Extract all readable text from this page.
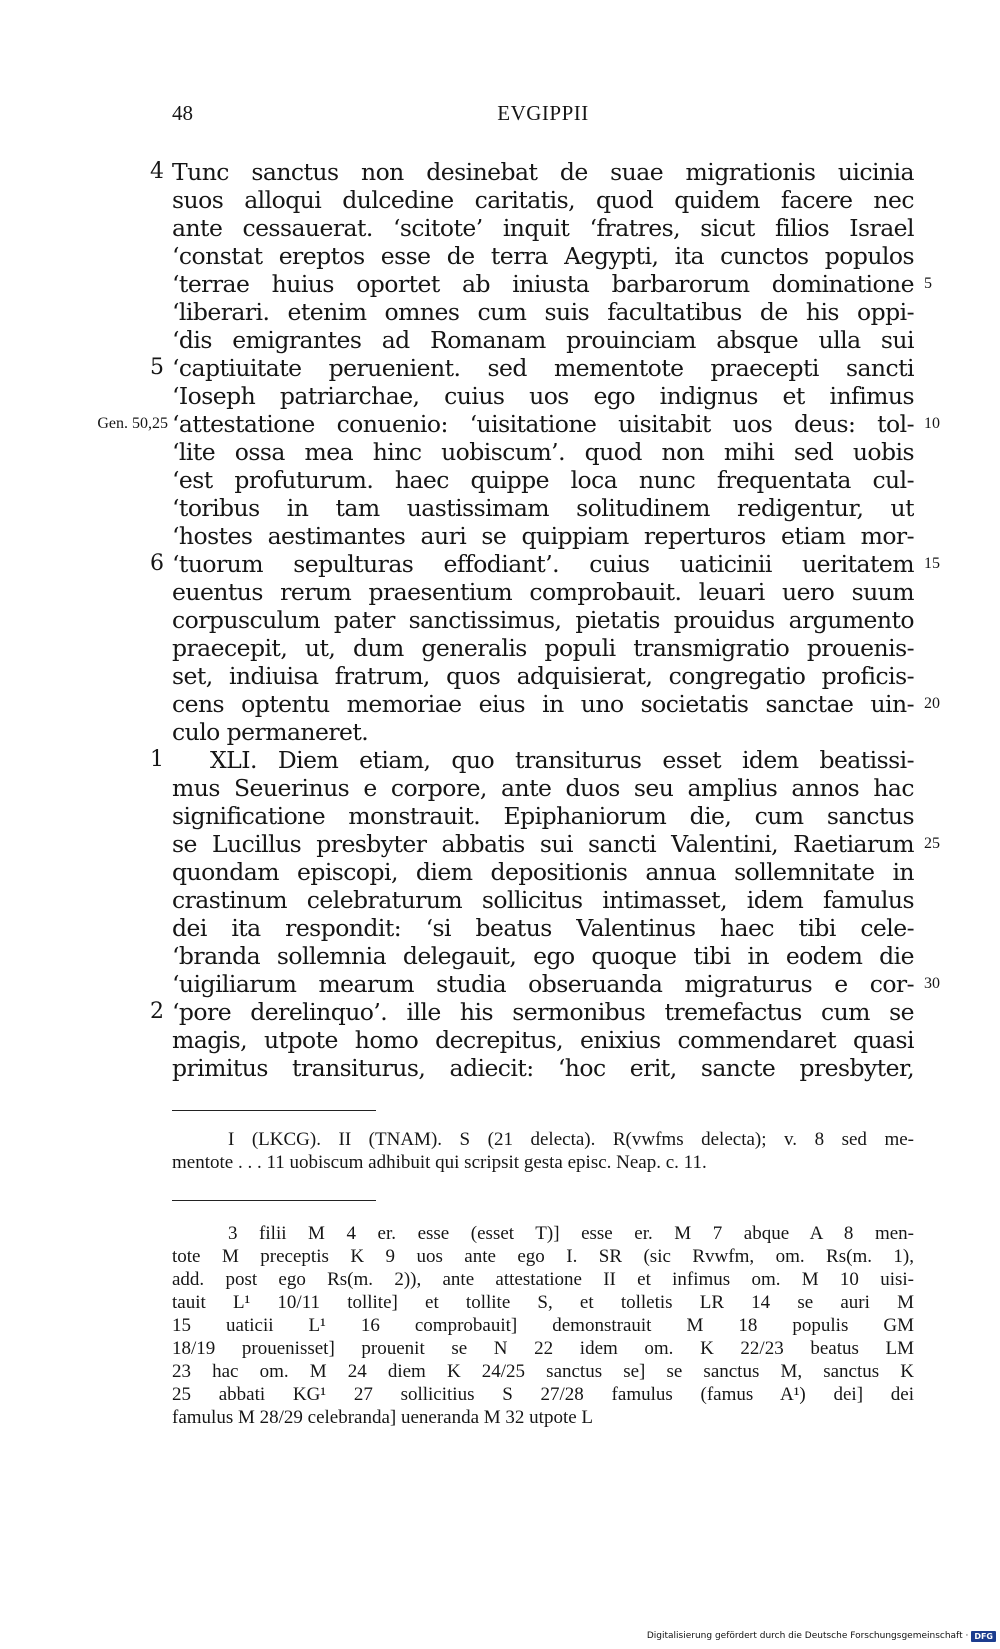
48	EVGIPPII
4 Tunc sanctus non desinebat de suae migrationis uicinia
suos alloqui dulcedine caritatis, quod quidem facere nec
ante cessauerat. ‘scitote’ inquit ‘fratres, sicut filios Israel
‘constat ereptos esse de terra Aegypti, ita cunctos populos
‘terrae huius oportet ab iniusta barbarorum dominatione 5
‘liberari. etenim omnes cum suis facultatibus de his oppi-
‘dis emigrantes ad Romanam prouinciam absque ulla sui
5 ‘captiuitate peruenient. sed mementote praecepti sancti
‘Ioseph patriarchae, cuius uos ego indignus et infimus
Gen. 50,25 ‘attestatione conuenio: ‘uisitatione uisitabit uos deus: tol- 10
‘lite ossa mea hinc uobiscum’. quod non mihi sed uobis
‘est profuturum. haec quippe loca nunc frequentata cul-
‘toribus in tam uastissimam solitudinem redigentur, ut
‘hostes aestimantes auri se quippiam reperturos etiam mor-
6 ‘tuorum sepulturas effodiant’. cuius uaticinii ueritatem 15
euentus rerum praesentium comprobauit. leuari uero suum
corpusculum pater sanctissimus, pietatis prouidus argumento
praecepit, ut, dum generalis populi transmigratio prouenis-
set, indiuisa fratrum, quos adquisierat, congregatio proficis-
cens optentu memoriae eius in uno societatis sanctae uin- 20
culo permaneret.
1 XLI. Diem etiam, quo transiturus esset idem beatissi-
mus Seuerinus e corpore, ante duos seu amplius annos hac
significatione monstrauit. Epiphaniorum die, cum sanctus
se Lucillus presbyter abbatis sui sancti Valentini, Raetiarum 25
quondam episcopi, diem depositionis annua sollemnitate in
crastinum celebraturum sollicitus intimasset, idem famulus
dei ita respondit: ‘si beatus Valentinus haec tibi cele-
‘branda sollemnia delegauit, ego quoque tibi in eodem die
‘uigiliarum mearum studia obseruanda migraturus e cor- 30
2 ‘pore derelinquo’. ille his sermonibus tremefactus cum se
magis, utpote homo decrepitus, enixius commendaret quasi
primitus transiturus, adiecit: ‘hoc erit, sancte presbyter,
I (LKCG). II (TNAM). S (21 delecta). R(vwfms delecta); v. 8 sed me-
mentote . . . 11 uobiscum adhibuit qui scripsit gesta episc. Neap. c. 11.
3 filii M 4 er. esse (esset T)] esse er. M 7 abque A 8 men-
tote M preceptis K 9 uos ante ego I. SR (sic Rvwfm, om. Rs(m. 1),
add. post ego Rs(m. 2)), ante attestatione II et infimus om. M 10 uisi-
tauit L¹ 10/11 tollite] et tollite S, et tolletis LR 14 se auri M
15 uaticii L¹ 16 comprobauit] demonstrauit M 18 populis GM
18/19 prouenisset] prouenit se N 22 idem om. K 22/23 beatus LM
23 hac om. M 24 diem K 24/25 sanctus se] se sanctus M, sanctus K
25 abbati KG¹ 27 sollicitius S 27/28 famulus (famus A¹) dei] dei
famulus M 28/29 celebranda] ueneranda M 32 utpote L
Digitalisierung gefördert durch die Deutsche Forschungsgemeinschaft · DFG
